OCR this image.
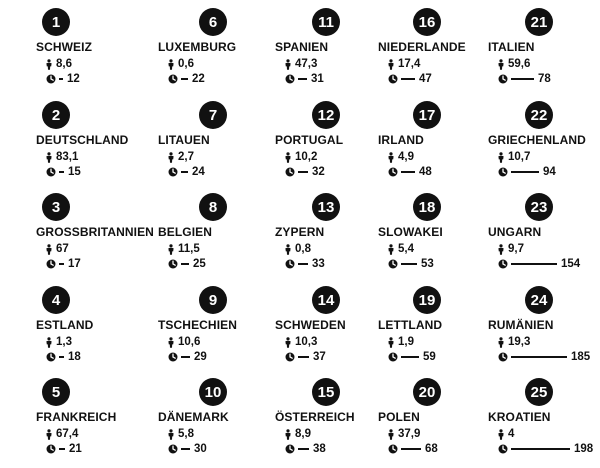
1
SCHWEIZ
8,6
12
2
DEUTSCHLAND
83,1
15
3
GROSSBRITANNIEN
67
17
4
ESTLAND
1,3
18
5
FRANKREICH
67,4
21
6
LUXEMBURG
0,6
22
7
LITAUEN
2,7
24
8
BELGIEN
11,5
25
9
TSCHECHIEN
10,6
29
10
DÄNEMARK
5,8
30
11
SPANIEN
47,3
31
12
PORTUGAL
10,2
32
13
ZYPERN
0,8
33
14
SCHWEDEN
10,3
37
15
ÖSTERREICH
8,9
38
16
NIEDERLANDE
17,4
47
17
IRLAND
4,9
48
18
SLOWAKEI
5,4
53
19
LETTLAND
1,9
59
20
POLEN
37,9
68
21
ITALIEN
59,6
78
22
GRIECHENLAND
10,7
94
23
UNGARN
9,7
154
24
RUMÄNIEN
19,3
185
25
KROATIEN
4
198
